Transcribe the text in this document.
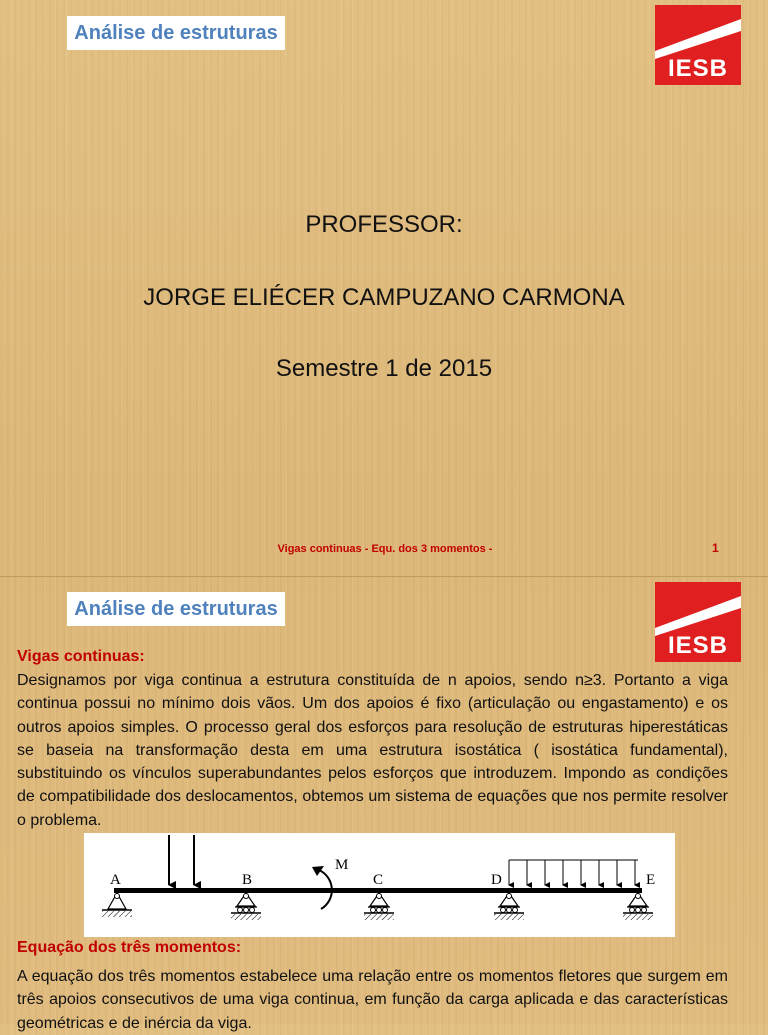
Análise de estruturas
IESB
PROFESSOR:
JORGE ELIÉCER CAMPUZANO CARMONA
Semestre 1 de 2015
Vigas continuas - Equ. dos 3 momentos -	1
Análise de estruturas
IESB
Vigas continuas:
Designamos por viga continua a estrutura constituída de n apoios, sendo n≥3. Portanto a viga continua possui no mínimo dois vãos. Um dos apoios é fixo (articulação ou engastamento) e os outros apoios simples. O processo geral dos esforços para resolução de estruturas hiperestáticas se baseia na transformação desta em uma estrutura isostática ( isostática fundamental), substituindo os vínculos superabundantes pelos esforços que introduzem. Impondo as condições de compatibilidade dos deslocamentos, obtemos um sistema de equações que nos permite resolver o problema.
A	B	C	D	E
M
Equação dos três momentos:
A equação dos três momentos estabelece uma relação entre os momentos fletores que surgem em três apoios consecutivos de uma viga continua, em função da carga aplicada e das características geométricas e de inércia da viga.
